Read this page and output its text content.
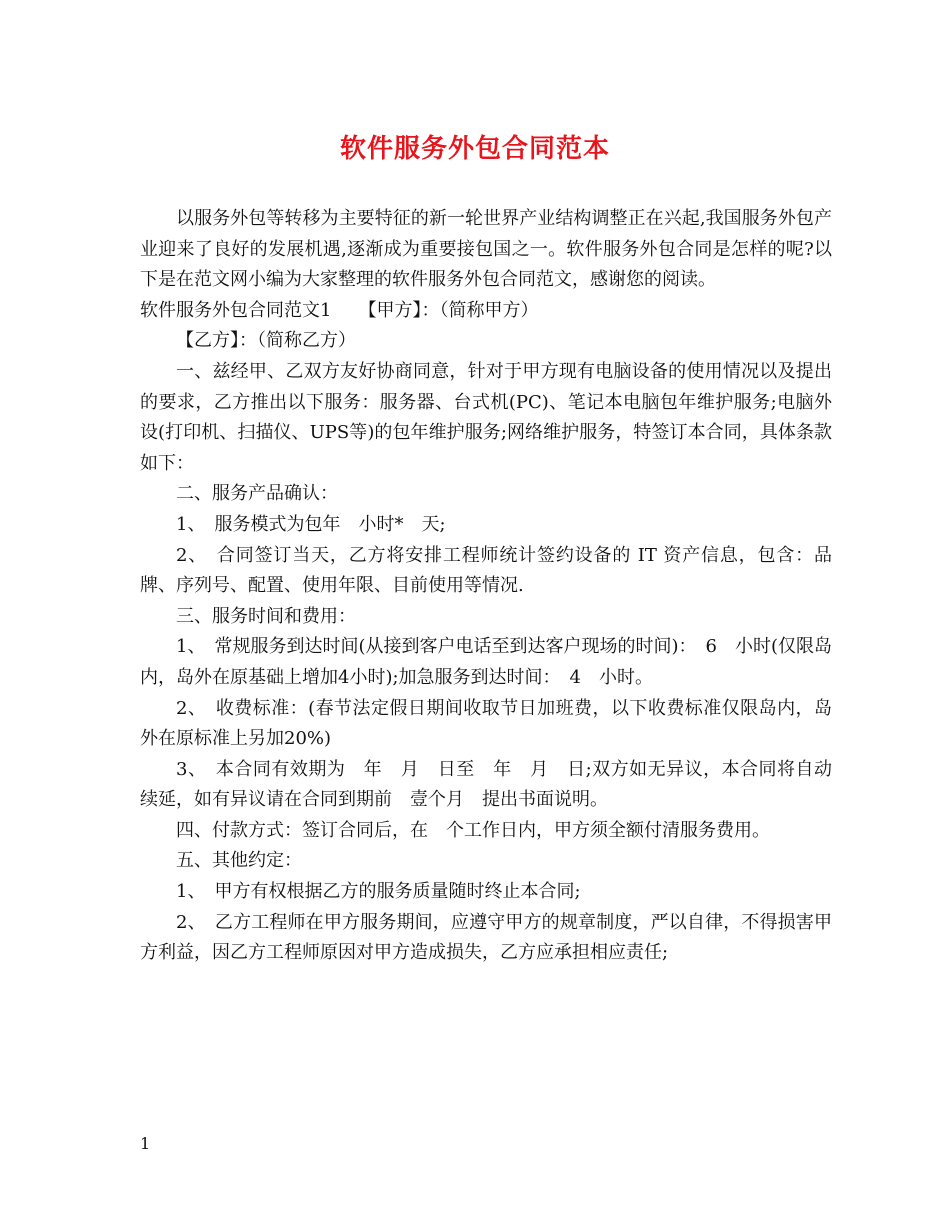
软件服务外包合同范本

以服务外包等转移为主要特征的新一轮世界产业结构调整正在兴起,我国服务外包产业迎来了良好的发展机遇,逐渐成为重要接包国之一。软件服务外包合同是怎样的呢?以下是在范文网小编为大家整理的软件服务外包合同范文，感谢您的阅读。

软件服务外包合同范文1　　【甲方】：（简称甲方）

【乙方】：（简称乙方）

一、兹经甲、乙双方友好协商同意，针对于甲方现有电脑设备的使用情况以及提出的要求，乙方推出以下服务：服务器、台式机(PC)、笔记本电脑包年维护服务;电脑外设(打印机、扫描仪、UPS等)的包年维护服务;网络维护服务，特签订本合同，具体条款如下：

二、服务产品确认：

1、　服务模式为包年　小时*　天;

2、　合同签订当天，乙方将安排工程师统计签约设备的 IT 资产信息，包含：品牌、序列号、配置、使用年限、目前使用等情况.

三、服务时间和费用：

1、　常规服务到达时间(从接到客户电话至到达客户现场的时间)：　6　小时(仅限岛内，岛外在原基础上增加4小时);加急服务到达时间：　4　小时。

2、　收费标准：(春节法定假日期间收取节日加班费，以下收费标准仅限岛内，岛外在原标准上另加20%)

3、　本合同有效期为　年　月　日至　年　月　日;双方如无异议，本合同将自动续延，如有异议请在合同到期前　壹个月　提出书面说明。

四、付款方式：签订合同后，在　个工作日内，甲方须全额付清服务费用。

五、其他约定：

1、　甲方有权根据乙方的服务质量随时终止本合同;

2、　乙方工程师在甲方服务期间，应遵守甲方的规章制度，严以自律，不得损害甲方利益，因乙方工程师原因对甲方造成损失，乙方应承担相应责任;

1
